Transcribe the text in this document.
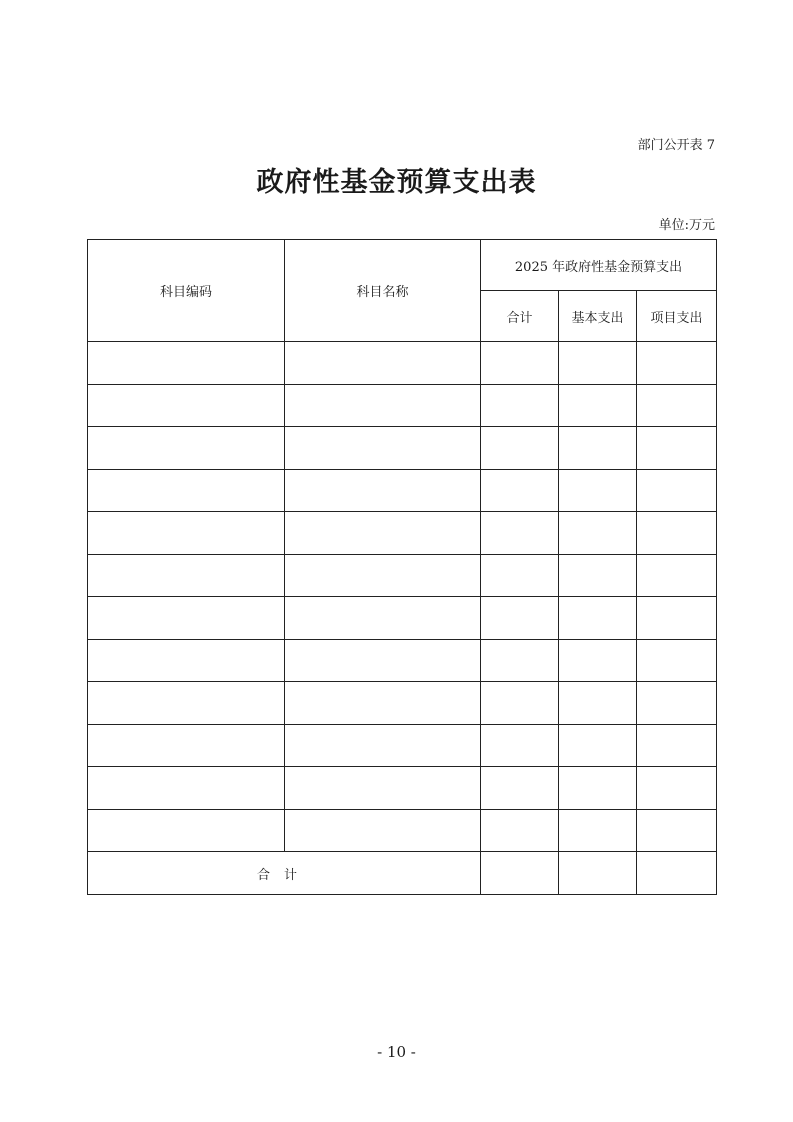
部门公开表 7
政府性基金预算支出表
单位:万元
科目编码	科目名称	2025 年政府性基金预算支出		
		合计	基本支出	项目支出

合计				
- 10 -
